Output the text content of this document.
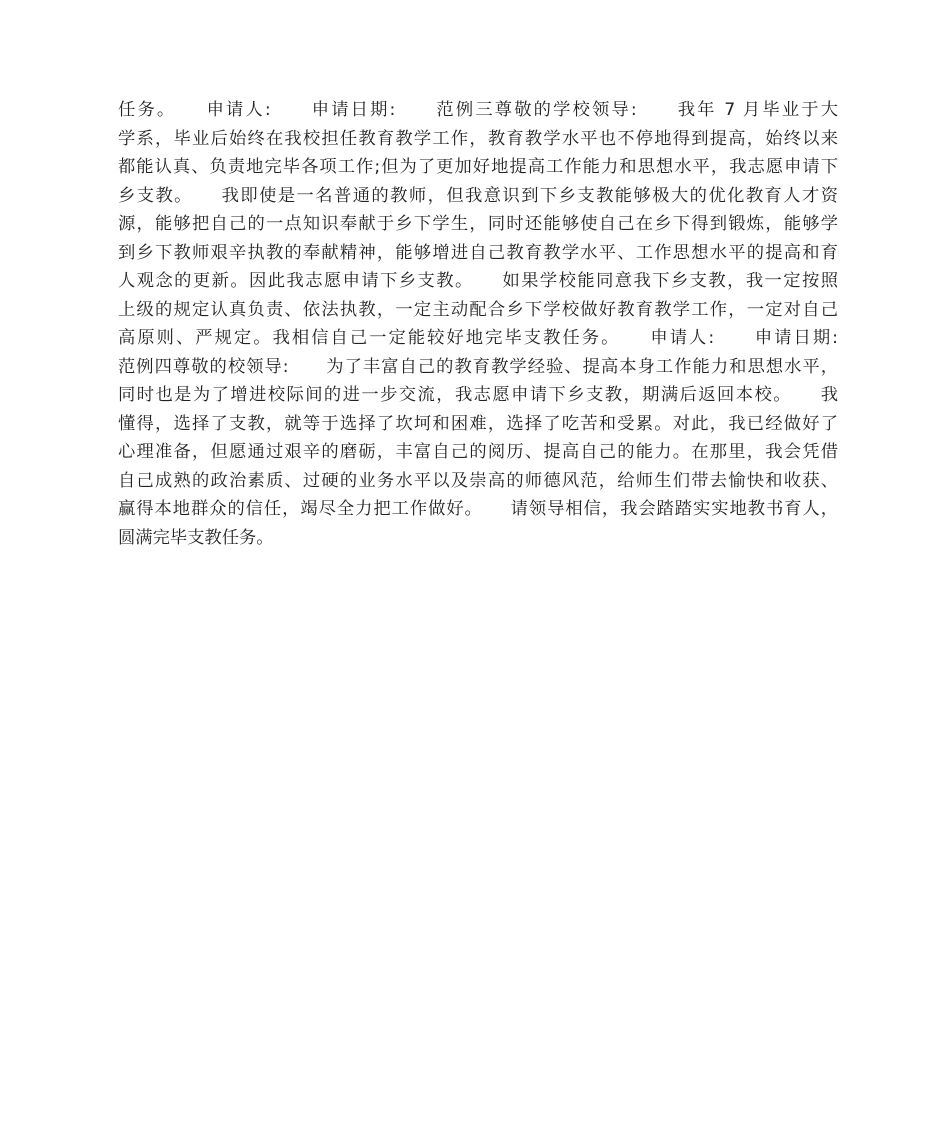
任务。　　申请人:　　申请日期:　　范例三尊敬的学校领导:　　我年 7 月毕业于大
学系，毕业后始终在我校担任教育教学工作，教育教学水平也不停地得到提高，始终以来
都能认真、负责地完毕各项工作;但为了更加好地提高工作能力和思想水平，我志愿申请下
乡支教。　　我即使是一名普通的教师，但我意识到下乡支教能够极大的优化教育人才资
源，能够把自己的一点知识奉献于乡下学生，同时还能够使自己在乡下得到锻炼，能够学
到乡下教师艰辛执教的奉献精神，能够增进自己教育教学水平、工作思想水平的提高和育
人观念的更新。因此我志愿申请下乡支教。　　如果学校能同意我下乡支教，我一定按照
上级的规定认真负责、依法执教，一定主动配合乡下学校做好教育教学工作，一定对自己
高原则、严规定。我相信自己一定能较好地完毕支教任务。　　申请人:　　申请日期:
范例四尊敬的校领导:　　为了丰富自己的教育教学经验、提高本身工作能力和思想水平，
同时也是为了增进校际间的进一步交流，我志愿申请下乡支教，期满后返回本校。　　我
懂得，选择了支教，就等于选择了坎坷和困难，选择了吃苦和受累。对此，我已经做好了
心理准备，但愿通过艰辛的磨砺，丰富自己的阅历、提高自己的能力。在那里，我会凭借
自己成熟的政治素质、过硬的业务水平以及崇高的师德风范，给师生们带去愉快和收获、
赢得本地群众的信任，竭尽全力把工作做好。　　请领导相信，我会踏踏实实地教书育人，
圆满完毕支教任务。
